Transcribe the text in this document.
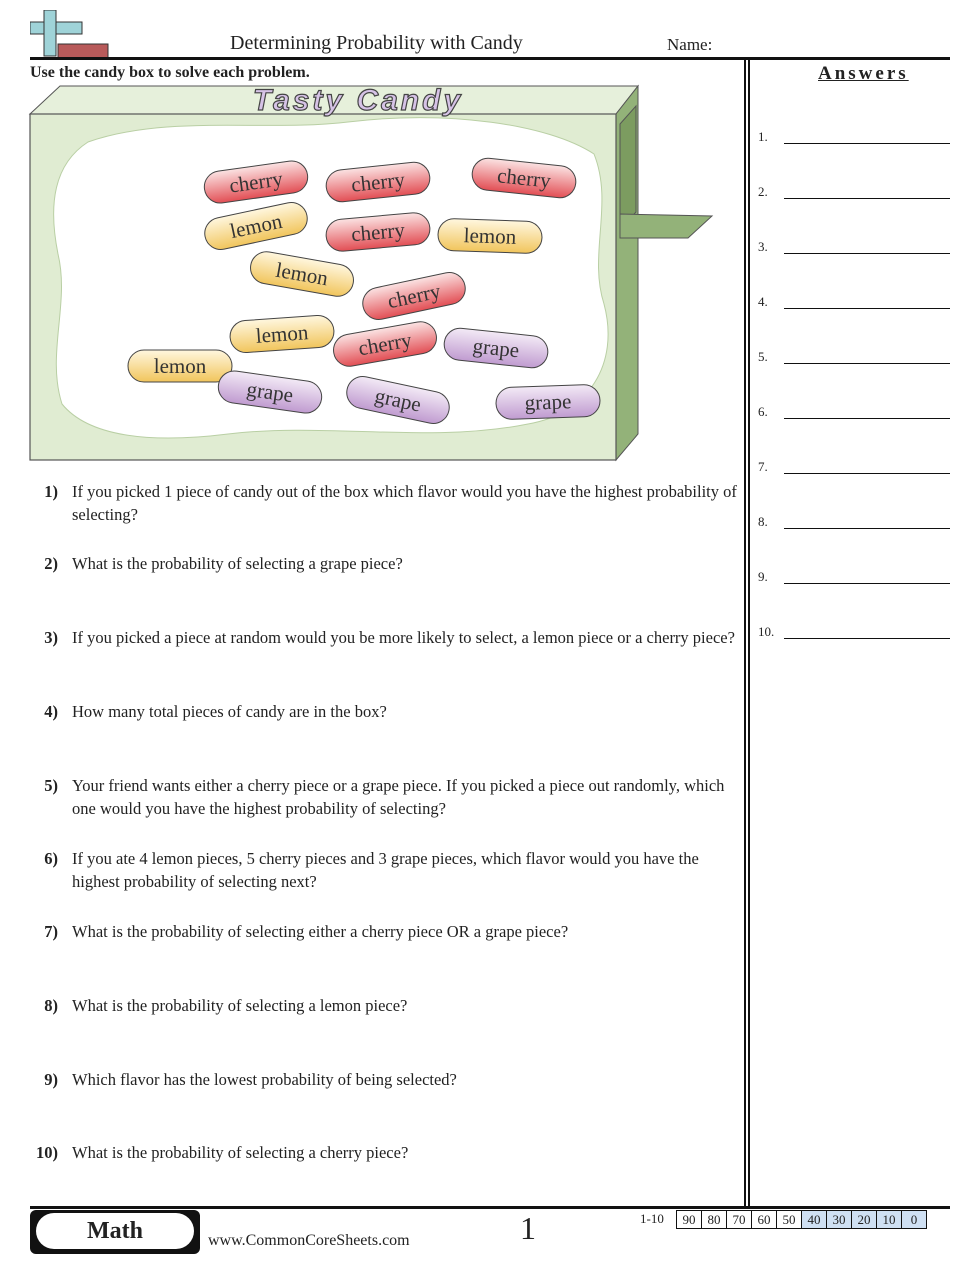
Determining Probability with Candy	Name:
Use the candy box to solve each problem.
Tasty Candy
cherry	cherry	cherry
lemon	cherry	lemon
lemon
cherry
lemon cherry	grape
lemon
grape	grape	grape
1) If you picked 1 piece of candy out of the box which flavor would you have the highest probability of selecting?
2) What is the probability of selecting a grape piece?
3) If you picked a piece at random would you be more likely to select, a lemon piece or a cherry piece?
4) How many total pieces of candy are in the box?
5) Your friend wants either a cherry piece or a grape piece. If you picked a piece out randomly, which one would you have the highest probability of selecting?
6) If you ate 4 lemon pieces, 5 cherry pieces and 3 grape pieces, which flavor would you have the highest probability of selecting next?
7) What is the probability of selecting either a cherry piece OR a grape piece?
8) What is the probability of selecting a lemon piece?
9) Which flavor has the lowest probability of being selected?
10) What is the probability of selecting a cherry piece?
Answers
1.
2.
3.
4.
5.
6.
7.
8.
9.
10.
Math	www.CommonCoreSheets.com	1	1-10 90	80	70	60	50	40	30	20	10	0
